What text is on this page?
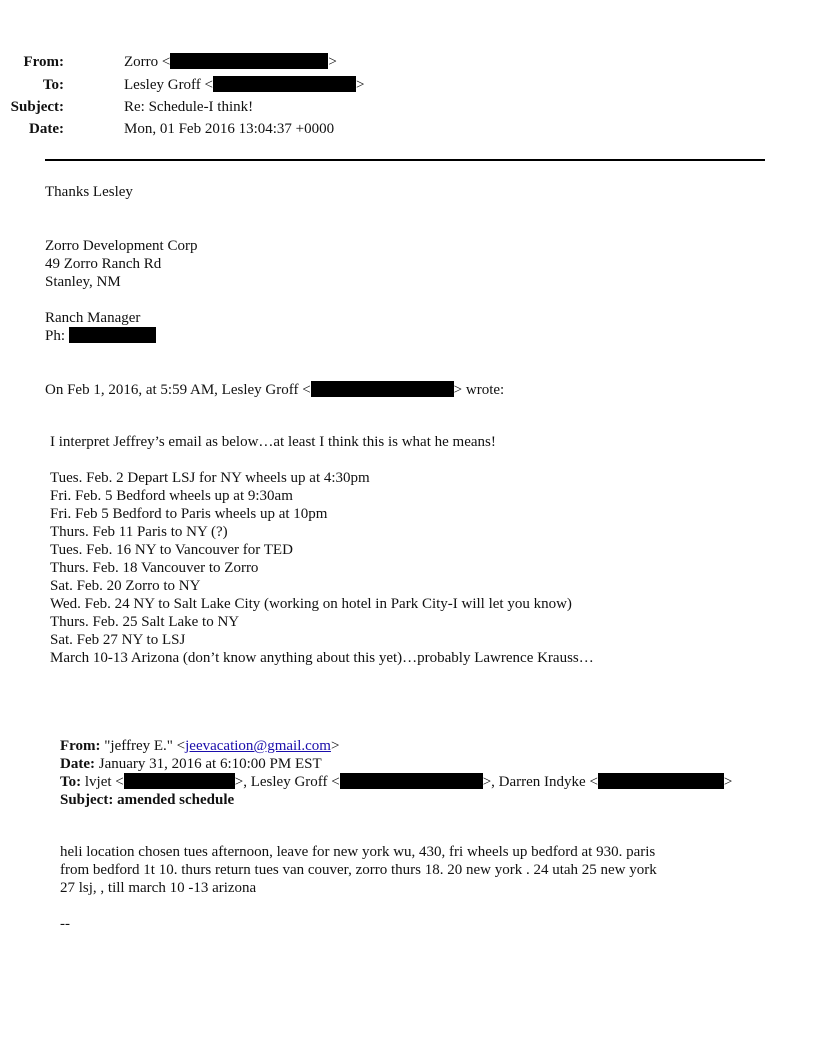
From:	Zorro <	>
To:	Lesley Groff <	>
Subject:	Re: Schedule-I think!
Date:	Mon, 01 Feb 2016 13:04:37 +0000
Thanks Lesley
Zorro Development Corp
49 Zorro Ranch Rd
Stanley, NM
Ranch Manager
Ph:
On Feb 1, 2016, at 5:59 AM, Lesley Groff <	> wrote:
I interpret Jeffrey’s email as below…at least I think this is what he means!
Tues. Feb. 2 Depart LSJ for NY wheels up at 4:30pm
Fri. Feb. 5 Bedford wheels up at 9:30am
Fri. Feb 5 Bedford to Paris wheels up at 10pm
Thurs. Feb 11 Paris to NY (?)
Tues. Feb. 16 NY to Vancouver for TED
Thurs. Feb. 18 Vancouver to Zorro
Sat. Feb. 20 Zorro to NY
Wed. Feb. 24 NY to Salt Lake City (working on hotel in Park City-I will let you know)
Thurs. Feb. 25 Salt Lake to NY
Sat. Feb 27 NY to LSJ
March 10-13 Arizona (don’t know anything about this yet)…probably Lawrence Krauss…
From: "jeffrey E." <jeevacation@gmail.com>
Date: January 31, 2016 at 6:10:00 PM EST
To: lvjet <	>, Lesley Groff <	>, Darren Indyke <	>
Subject: amended schedule
heli location chosen tues afternoon, leave for new york wu, 430, fri wheels up bedford at 930. paris
from bedford 1t 10. thurs return tues van couver, zorro thurs 18. 20 new york . 24 utah 25 new york
27 lsj, , till march 10 -13 arizona
--
